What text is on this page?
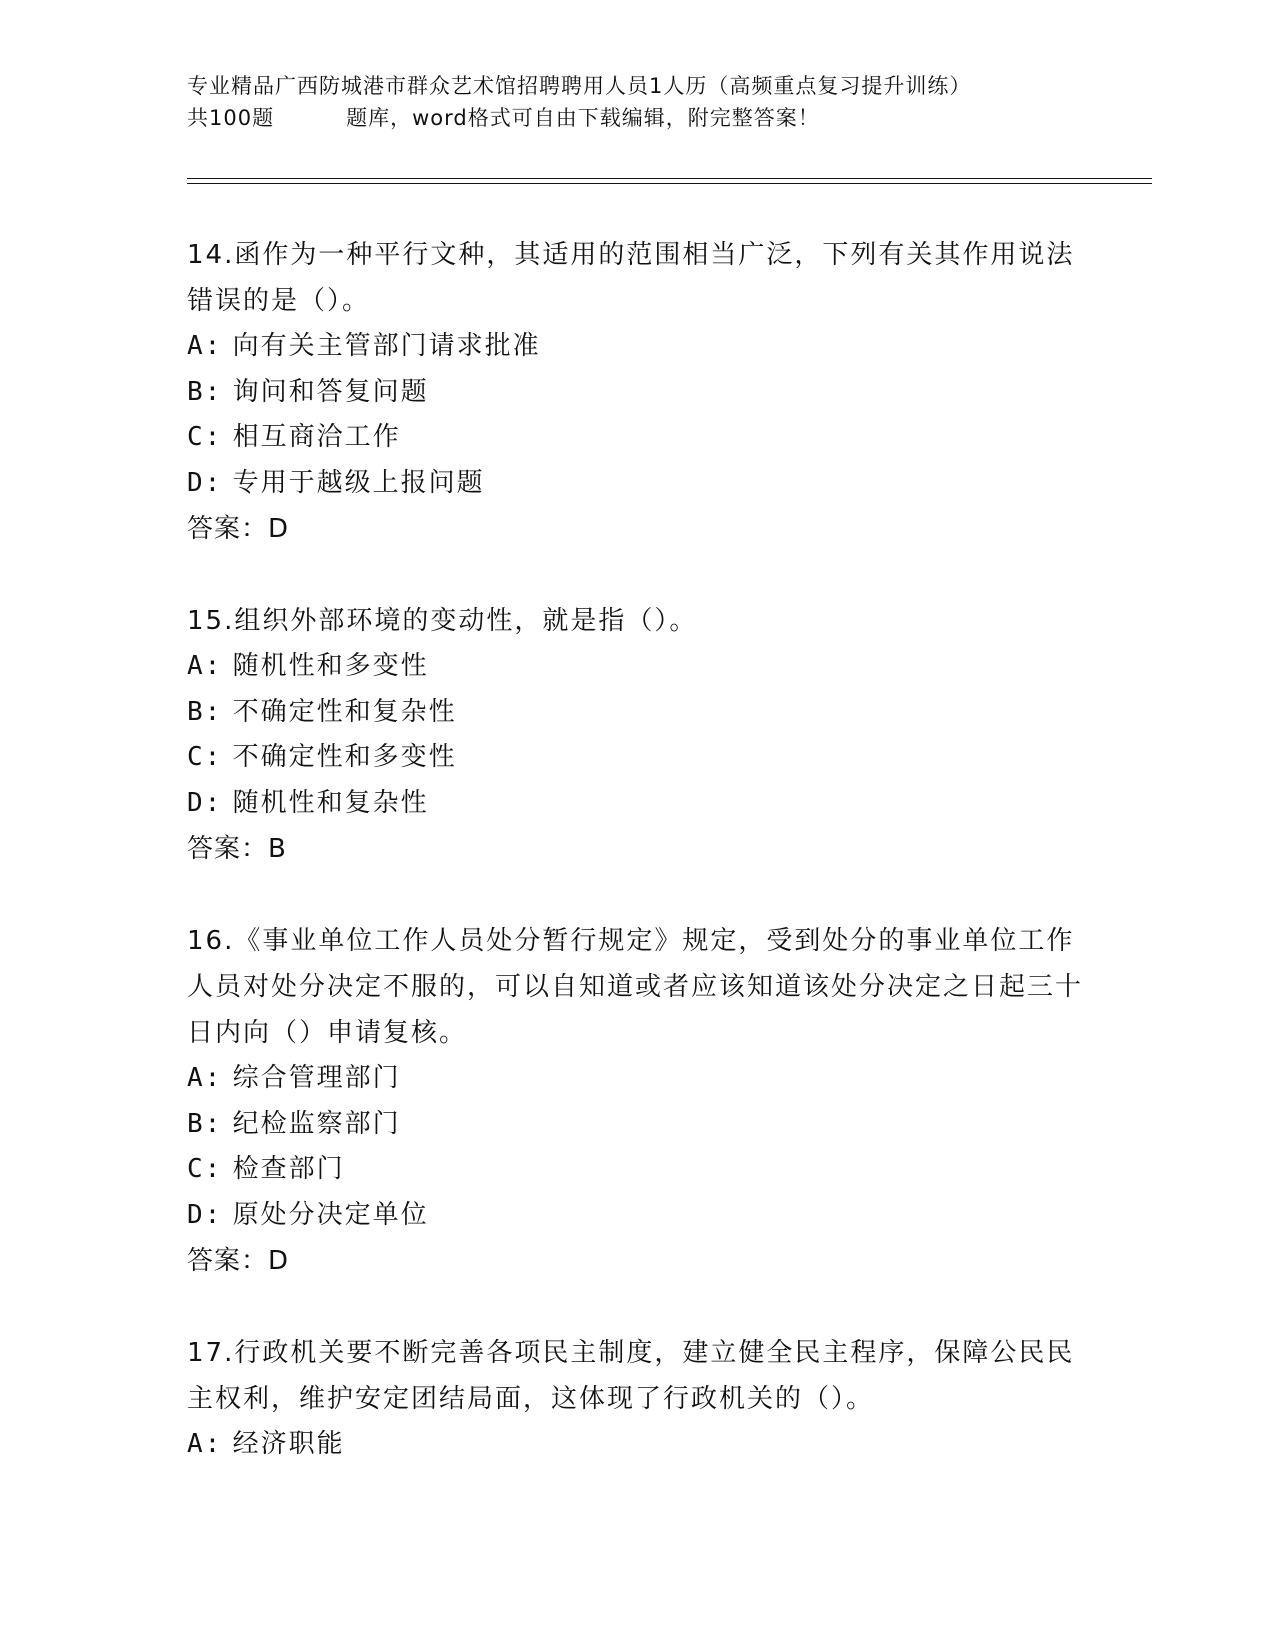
专业精品广西防城港市群众艺术馆招聘聘用人员1人历（高频重点复习提升训练）
共100题	题库，word格式可自由下载编辑，附完整答案！

14.函作为一种平行文种，其适用的范围相当广泛，下列有关其作用说法错误的是（）。

A: 向有关主管部门请求批准

B: 询问和答复问题

C: 相互商洽工作

D: 专用于越级上报问题

答案：D

15.组织外部环境的变动性，就是指（）。

A: 随机性和多变性

B: 不确定性和复杂性

C: 不确定性和多变性

D: 随机性和复杂性

答案：B

16.《事业单位工作人员处分暂行规定》规定，受到处分的事业单位工作人员对处分决定不服的，可以自知道或者应该知道该处分决定之日起三十日内向（）申请复核。

A: 综合管理部门

B: 纪检监察部门

C: 检查部门

D: 原处分决定单位

答案：D

17.行政机关要不断完善各项民主制度，建立健全民主程序，保障公民民主权利，维护安定团结局面，这体现了行政机关的（）。

A: 经济职能
